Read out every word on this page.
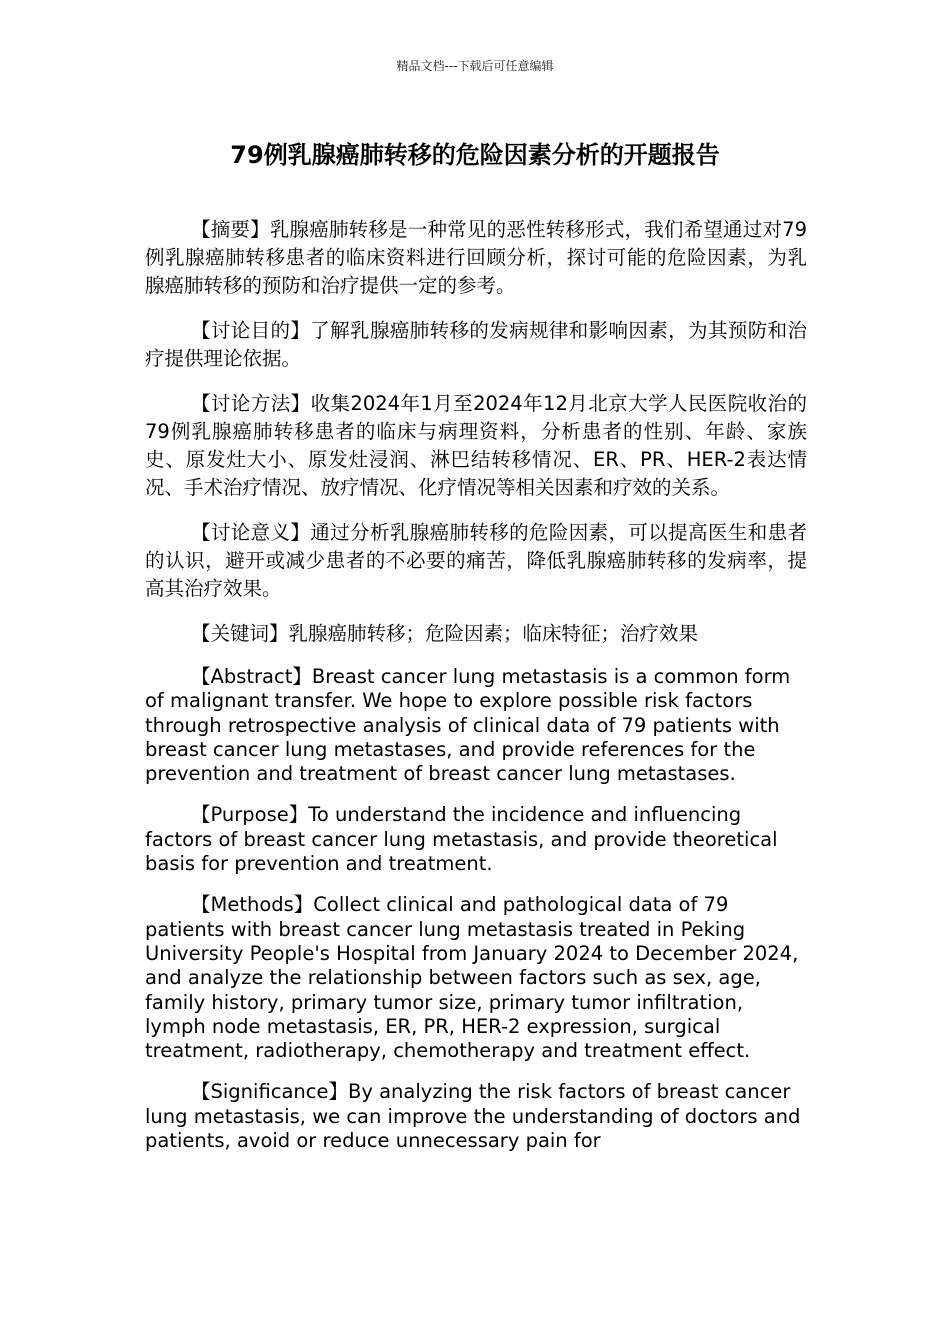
精品文档---下载后可任意编辑
79例乳腺癌肺转移的危险因素分析的开题报告

【摘要】乳腺癌肺转移是一种常见的恶性转移形式，我们希望通过对79例乳腺癌肺转移患者的临床资料进行回顾分析，探讨可能的危险因素，为乳腺癌肺转移的预防和治疗提供一定的参考。

【讨论目的】了解乳腺癌肺转移的发病规律和影响因素，为其预防和治疗提供理论依据。

【讨论方法】收集2024年1月至2024年12月北京大学人民医院收治的79例乳腺癌肺转移患者的临床与病理资料，分析患者的性别、年龄、家族史、原发灶大小、原发灶浸润、淋巴结转移情况、ER、PR、HER-2表达情况、手术治疗情况、放疗情况、化疗情况等相关因素和疗效的关系。

【讨论意义】通过分析乳腺癌肺转移的危险因素，可以提高医生和患者的认识，避开或减少患者的不必要的痛苦，降低乳腺癌肺转移的发病率，提高其治疗效果。

【关键词】乳腺癌肺转移；危险因素；临床特征；治疗效果

【Abstract】Breast cancer lung metastasis is a common form of malignant transfer. We hope to explore possible risk factors through retrospective analysis of clinical data of 79 patients with breast cancer lung metastases, and provide references for the prevention and treatment of breast cancer lung metastases.

【Purpose】To understand the incidence and influencing factors of breast cancer lung metastasis, and provide theoretical basis for prevention and treatment.

【Methods】Collect clinical and pathological data of 79 patients with breast cancer lung metastasis treated in Peking University People's Hospital from January 2024 to December 2024, and analyze the relationship between factors such as sex, age, family history, primary tumor size, primary tumor infiltration, lymph node metastasis, ER, PR, HER-2 expression, surgical treatment, radiotherapy, chemotherapy and treatment effect.

【Significance】By analyzing the risk factors of breast cancer lung metastasis, we can improve the understanding of doctors and patients, avoid or reduce unnecessary pain for
